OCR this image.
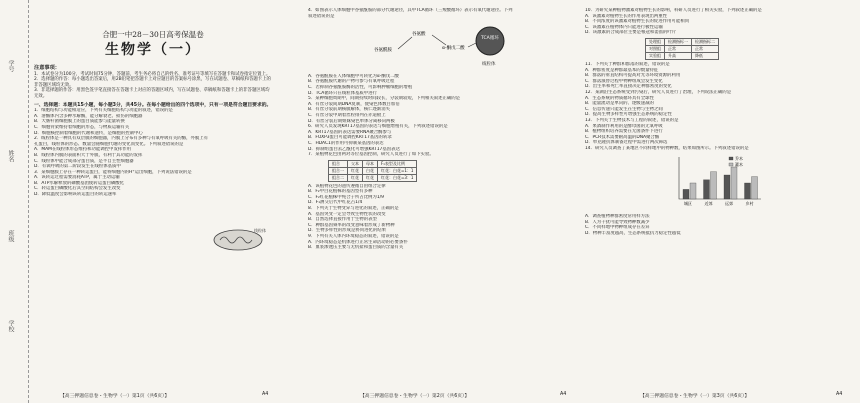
学号
姓名
班级
学校
合肥一中28－30日高考保温卷
生物学（一）
注意事项：
1．本试卷分为100分，考试时间75分钟，答题前，考生务必将自己的姓名、准考证号等填写在答题卡和试卷指定位置上。
2．选择题的作答：每小题选出答案后，用2B铅笔把答题卡上对应题目的答案标号涂黑，写在试题卷、草稿纸和答题卡上的非答题区域均无效。
3．非选择题的作答：用黑色签字笔直接答在答题卡上对应的答题区域内，写在试题卷、草稿纸和答题卡上的非答题区域均无效。
一、选择题：本题共15小题，每小题3分，共45分。在每小题给出的四个选项中，只有一项是符合题目要求的。
1．细胞结构与功能相适应，下列有关细胞结构与功能的叙述，错误的是
A．溶酶体内含多种水解酶，能分解衰老、损伤的细胞器
B．大肠杆菌细胞膜上的蛋白质能参与能量转换
C．细胞骨架维持着细胞的形态，与物质运输有关
D．细胞核控制着细胞的代谢和遗传，是细胞的控制中心
2．线粒体是一种具有双层膜的细胞器，内膜上分布有多种与有氧呼吸有关的酶，外膜上有
孔蛋白，线粒体的形态、数量会随细胞代谢的变化而变化。下列叙述错误的是
A．MAM在线粒体形态维持和功能调控中发挥作用
B．线粒体内膜的表面积大于外膜，有利于其功能的发挥
C．线粒体中能合成部分蛋白质，是半自主性细胞器
D．有氧呼吸的第二阶段发生在线粒体基质中
3．某细胞膜上存在一种转运蛋白，能将细胞内的H⁺运出细胞，下列说法错误的是
A．该转运过程需要消耗ATP，属于主动运输
B．ATP水解释放的磷酸基团使转运蛋白磷酸化
C．转运蛋白磷酸化后其空间结构会发生改变
D．降低温度会影响该转运蛋白的转运速率
线粒体
4．如图表示人体细胞中谷氨酰胺的部分代谢途径，其中TCA循环（三羧酸循环）表示有氧代谢途径。下列
叙述错误的是
TCA循环
线粒体
谷氨酰胺
谷氨酸
α-酮戊二酸
A．谷氨酰胺在人体细胞中可转化为α-酮戊二酸
B．谷氨酰胺代谢的产物可参与有氧呼吸过程
C．若抑制谷氨酰胺酶的活性，可影响肿瘤细胞的增殖
D．TCA循环只在线粒体基质中进行
5．某种细胞周期中，间期持续时间较长，分裂期较短，下列相关叙述正确的是
A．有丝分裂间期DNA复制，使染色体数目加倍
B．有丝分裂前期核膜解体，核仁逐渐消失
C．有丝分裂中期着丝粒排列在赤道板上
D．有丝分裂后期姐妹染色单体分离移向两极
6．研究人员发现KRT17基因的表达与细胞增殖有关，下列叙述错误的是
A．KRT17基因的表达需要RNA聚合酶参与
B．FOXP3蛋白可能调控KRT17基因的转录
C．HDAC1的作用可抑制某基因的表达
D．抑制组蛋白去乙酰化可增强KRT17基因表达
7．某植物花色由两对等位基因控制，研究人员进行了如下实验。
组合	父本	母本	F₁表型及比例
组合一	红花	白花	红花：白花=1：1
组合二	红花	红花	红花：白花=3：1
A．该植物花色的遗传遵循自由组合定律
B．F₂中白花植株的基因型有多种
C．F₂红花植株中纯合子所占比例为1/9
D．F₁测交后代中红花占1/4
8．下列关于生物变异与进化的叙述，正确的是
A．基因突变一定会导致生物性状的改变
B．自然选择直接作用于生物的表型
C．种群基因频率的改变意味着形成了新物种
D．生物多样性的形成是协同进化的结果
9．下列有关人体内环境稳态的叙述，错误的是
A．内环境稳态是机体进行正常生命活动的必要条件
B．血浆渗透压主要与无机盐和蛋白质的含量有关
10．为研究某种植物激素对植物生长的影响，科研人员进行了相关实验，下列叙述正确的是
A．该激素对植物生长的作用表现出两重性
B．不同浓度的该激素对植物生长的促进作用可能相同
C．该激素在植物体内只能进行极性运输
D．该激素的合成部位主要是根冠和萎蔫的叶片
处理组	检测指标一	检测指标二
对照组	正常	正常
实验组	升高	降低
11．下列关于种群和群落的叙述，错误的是
A．种群密度是种群最基本的数量特征
B．群落的垂直结构可提高对光等环境资源的利用
C．群落演替过程中物种组成会发生变化
D．出生率和死亡率直接决定种群密度的变化
12．某湖泊生态系统受到污染后，研究人员进行了治理，下列说法正确的是
A．生态系统的物质循环具有全球性
B．能量流动是单向的、逐级递减的
C．信息传递只能发生在生物与生物之间
D．提高生物多样性可增强生态系统的稳定性
13．下列关于生物技术与工程的叙述，错误的是
A．果酒制作利用的是酵母菌的无氧呼吸
B．植物组织培养需要在无菌条件下进行
C．PCR技术需要耐高温的DNA聚合酶
D．单克隆抗体制备过程中需进行两次筛选
14．研究人员调查了某地区不同样地中的物种数，结果如图所示。下列叙述错误的是
城区	近郊	远郊	乡村
乔木
灌木
A．调查植物种群密度常用样方法
B．人为干扰可能导致物种数减少
C．不同样地中物种组成存在差异
D．物种丰富度越高，生态系统抵抗力稳定性越低
【高三押题信息卷・生物学（一）第1页（共6页）】	A4	【高三押题信息卷・生物学（一）第2页（共6页）】	A4	【高三押题信息卷・生物学（一）第3页（共6页）】	A4
